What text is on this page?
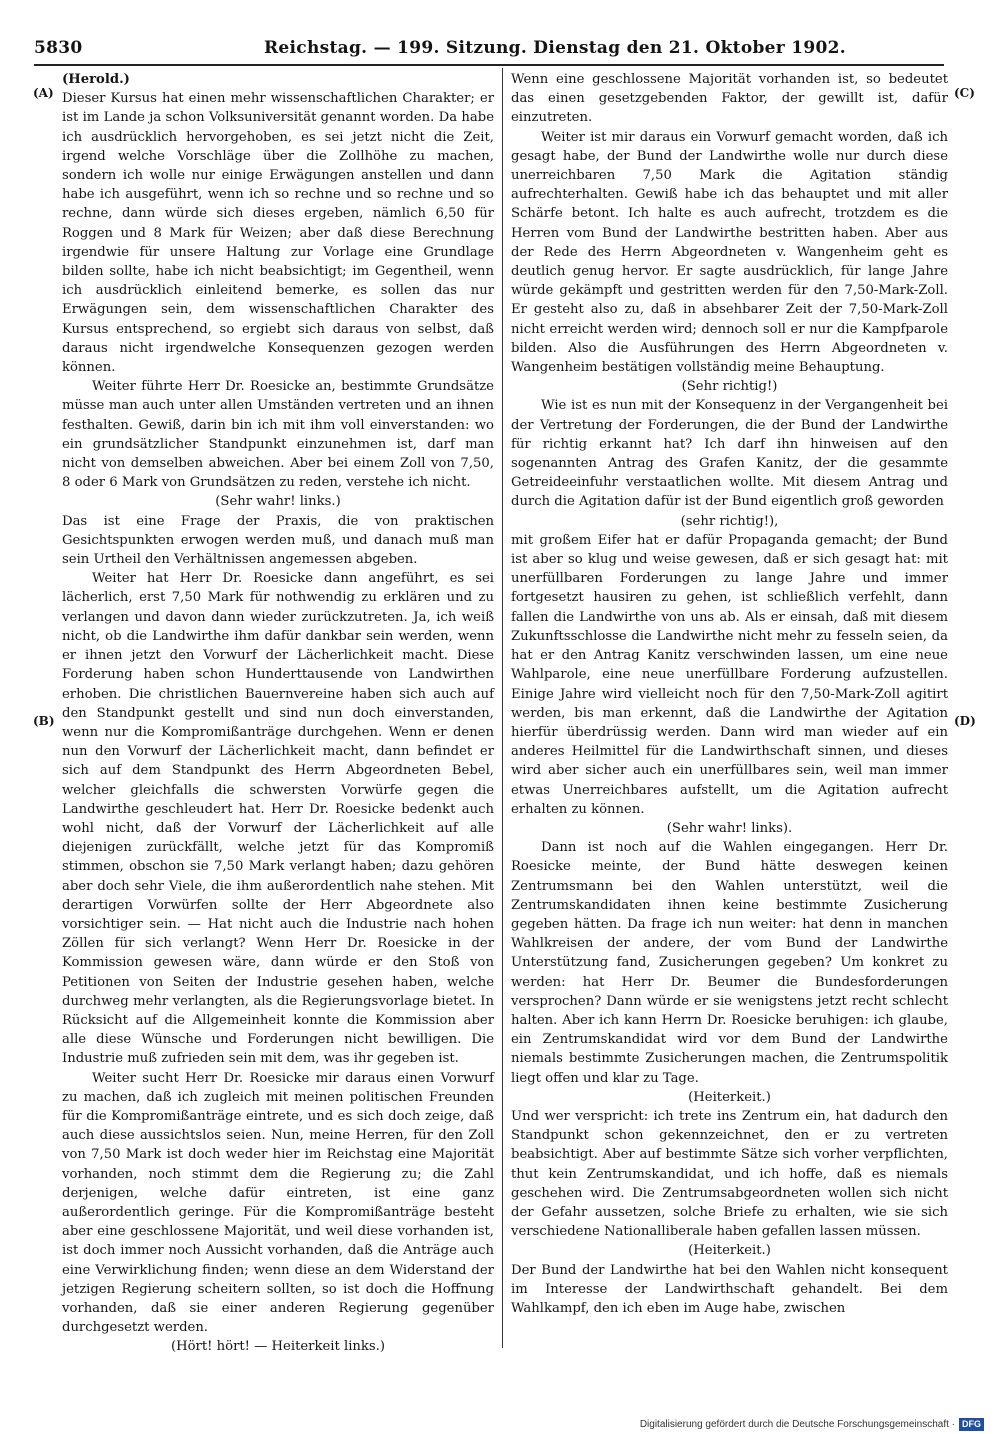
5830	Reichstag. — 199. Sitzung. Dienstag den 21. Oktober 1902.
(A)
(B)
(C)
(D)

(Herold.)

Dieser Kursus hat einen mehr wissenschaftlichen Charakter; er ist im Lande ja schon Volksuniversität genannt worden. Da habe ich ausdrücklich hervorgehoben, es sei jetzt nicht die Zeit, irgend welche Vorschläge über die Zollhöhe zu machen, sondern ich wolle nur einige Erwägungen anstellen und dann habe ich ausgeführt, wenn ich so rechne und so rechne und so rechne, dann würde sich dieses ergeben, nämlich 6,50 für Roggen und 8 Mark für Weizen; aber daß diese Berechnung irgendwie für unsere Haltung zur Vorlage eine Grundlage bilden sollte, habe ich nicht beabsichtigt; im Gegentheil, wenn ich ausdrücklich einleitend bemerke, es sollen das nur Erwägungen sein, dem wissenschaftlichen Charakter des Kursus entsprechend, so ergiebt sich daraus von selbst, daß daraus nicht irgendwelche Konsequenzen gezogen werden können.

Weiter führte Herr Dr. Roesicke an, bestimmte Grundsätze müsse man auch unter allen Umständen vertreten und an ihnen festhalten. Gewiß, darin bin ich mit ihm voll einverstanden: wo ein grundsätzlicher Standpunkt einzunehmen ist, darf man nicht von demselben abweichen. Aber bei einem Zoll von 7,50, 8 oder 6 Mark von Grundsätzen zu reden, verstehe ich nicht.

(Sehr wahr! links.)

Das ist eine Frage der Praxis, die von praktischen Gesichtspunkten erwogen werden muß, und danach muß man sein Urtheil den Verhältnissen angemessen abgeben.

Weiter hat Herr Dr. Roesicke dann angeführt, es sei lächerlich, erst 7,50 Mark für nothwendig zu erklären und zu verlangen und davon dann wieder zurückzutreten. Ja, ich weiß nicht, ob die Landwirthe ihm dafür dankbar sein werden, wenn er ihnen jetzt den Vorwurf der Lächerlichkeit macht. Diese Forderung haben schon Hunderttausende von Landwirthen erhoben. Die christlichen Bauernvereine haben sich auch auf den Standpunkt gestellt und sind nun doch einverstanden, wenn nur die Kompromißanträge durchgehen. Wenn er denen nun den Vorwurf der Lächerlichkeit macht, dann befindet er sich auf dem Standpunkt des Herrn Abgeordneten Bebel, welcher gleichfalls die schwersten Vorwürfe gegen die Landwirthe geschleudert hat. Herr Dr. Roesicke bedenkt auch wohl nicht, daß der Vorwurf der Lächerlichkeit auf alle diejenigen zurückfällt, welche jetzt für das Kompromiß stimmen, obschon sie 7,50 Mark verlangt haben; dazu gehören aber doch sehr Viele, die ihm außerordentlich nahe stehen. Mit derartigen Vorwürfen sollte der Herr Abgeordnete also vorsichtiger sein. — Hat nicht auch die Industrie nach hohen Zöllen für sich verlangt? Wenn Herr Dr. Roesicke in der Kommission gewesen wäre, dann würde er den Stoß von Petitionen von Seiten der Industrie gesehen haben, welche durchweg mehr verlangten, als die Regierungsvorlage bietet. In Rücksicht auf die Allgemeinheit konnte die Kommission aber alle diese Wünsche und Forderungen nicht bewilligen. Die Industrie muß zufrieden sein mit dem, was ihr gegeben ist.

Weiter sucht Herr Dr. Roesicke mir daraus einen Vorwurf zu machen, daß ich zugleich mit meinen politischen Freunden für die Kompromißanträge eintrete, und es sich doch zeige, daß auch diese aussichtslos seien. Nun, meine Herren, für den Zoll von 7,50 Mark ist doch weder hier im Reichstag eine Majorität vorhanden, noch stimmt dem die Regierung zu; die Zahl derjenigen, welche dafür eintreten, ist eine ganz außerordentlich geringe. Für die Kompromißanträge besteht aber eine geschlossene Majorität, und weil diese vorhanden ist, ist doch immer noch Aussicht vorhanden, daß die Anträge auch eine Verwirklichung finden; wenn diese an dem Widerstand der jetzigen Regierung scheitern sollten, so ist doch die Hoffnung vorhanden, daß sie einer anderen Regierung gegenüber durchgesetzt werden.

(Hört! hört! — Heiterkeit links.)

Wenn eine geschlossene Majorität vorhanden ist, so bedeutet das einen gesetzgebenden Faktor, der gewillt ist, dafür einzutreten.

Weiter ist mir daraus ein Vorwurf gemacht worden, daß ich gesagt habe, der Bund der Landwirthe wolle nur durch diese unerreichbaren 7,50 Mark die Agitation ständig aufrechterhalten. Gewiß habe ich das behauptet und mit aller Schärfe betont. Ich halte es auch aufrecht, trotzdem es die Herren vom Bund der Landwirthe bestritten haben. Aber aus der Rede des Herrn Abgeordneten v. Wangenheim geht es deutlich genug hervor. Er sagte ausdrücklich, für lange Jahre würde gekämpft und gestritten werden für den 7,50-Mark-Zoll. Er gesteht also zu, daß in absehbarer Zeit der 7,50-Mark-Zoll nicht erreicht werden wird; dennoch soll er nur die Kampfparole bilden. Also die Ausführungen des Herrn Abgeordneten v. Wangenheim bestätigen vollständig meine Behauptung.

(Sehr richtig!)

Wie ist es nun mit der Konsequenz in der Vergangenheit bei der Vertretung der Forderungen, die der Bund der Landwirthe für richtig erkannt hat? Ich darf ihn hinweisen auf den sogenannten Antrag des Grafen Kanitz, der die gesammte Getreideeinfuhr verstaatlichen wollte. Mit diesem Antrag und durch die Agitation dafür ist der Bund eigentlich groß geworden

(sehr richtig!),

mit großem Eifer hat er dafür Propaganda gemacht; der Bund ist aber so klug und weise gewesen, daß er sich gesagt hat: mit unerfüllbaren Forderungen zu lange Jahre und immer fortgesetzt hausiren zu gehen, ist schließlich verfehlt, dann fallen die Landwirthe von uns ab. Als er einsah, daß mit diesem Zukunftsschlosse die Landwirthe nicht mehr zu fesseln seien, da hat er den Antrag Kanitz verschwinden lassen, um eine neue Wahlparole, eine neue unerfüllbare Forderung aufzustellen. Einige Jahre wird vielleicht noch für den 7,50-Mark-Zoll agitirt werden, bis man erkennt, daß die Landwirthe der Agitation hierfür überdrüssig werden. Dann wird man wieder auf ein anderes Heilmittel für die Landwirthschaft sinnen, und dieses wird aber sicher auch ein unerfüllbares sein, weil man immer etwas Unerreichbares aufstellt, um die Agitation aufrecht erhalten zu können.

(Sehr wahr! links).

Dann ist noch auf die Wahlen eingegangen. Herr Dr. Roesicke meinte, der Bund hätte deswegen keinen Zentrumsmann bei den Wahlen unterstützt, weil die Zentrumskandidaten ihnen keine bestimmte Zusicherung gegeben hätten. Da frage ich nun weiter: hat denn in manchen Wahlkreisen der andere, der vom Bund der Landwirthe Unterstützung fand, Zusicherungen gegeben? Um konkret zu werden: hat Herr Dr. Beumer die Bundesforderungen versprochen? Dann würde er sie wenigstens jetzt recht schlecht halten. Aber ich kann Herrn Dr. Roesicke beruhigen: ich glaube, ein Zentrumskandidat wird vor dem Bund der Landwirthe niemals bestimmte Zusicherungen machen, die Zentrumspolitik liegt offen und klar zu Tage.

(Heiterkeit.)

Und wer verspricht: ich trete ins Zentrum ein, hat dadurch den Standpunkt schon gekennzeichnet, den er zu vertreten beabsichtigt. Aber auf bestimmte Sätze sich vorher verpflichten, thut kein Zentrumskandidat, und ich hoffe, daß es niemals geschehen wird. Die Zentrumsabgeordneten wollen sich nicht der Gefahr aussetzen, solche Briefe zu erhalten, wie sie sich verschiedene Nationalliberale haben gefallen lassen müssen.

(Heiterkeit.)

Der Bund der Landwirthe hat bei den Wahlen nicht konsequent im Interesse der Landwirthschaft gehandelt. Bei dem Wahlkampf, den ich eben im Auge habe, zwischen

Digitalisierung gefördert durch die Deutsche Forschungsgemeinschaft · DFG
